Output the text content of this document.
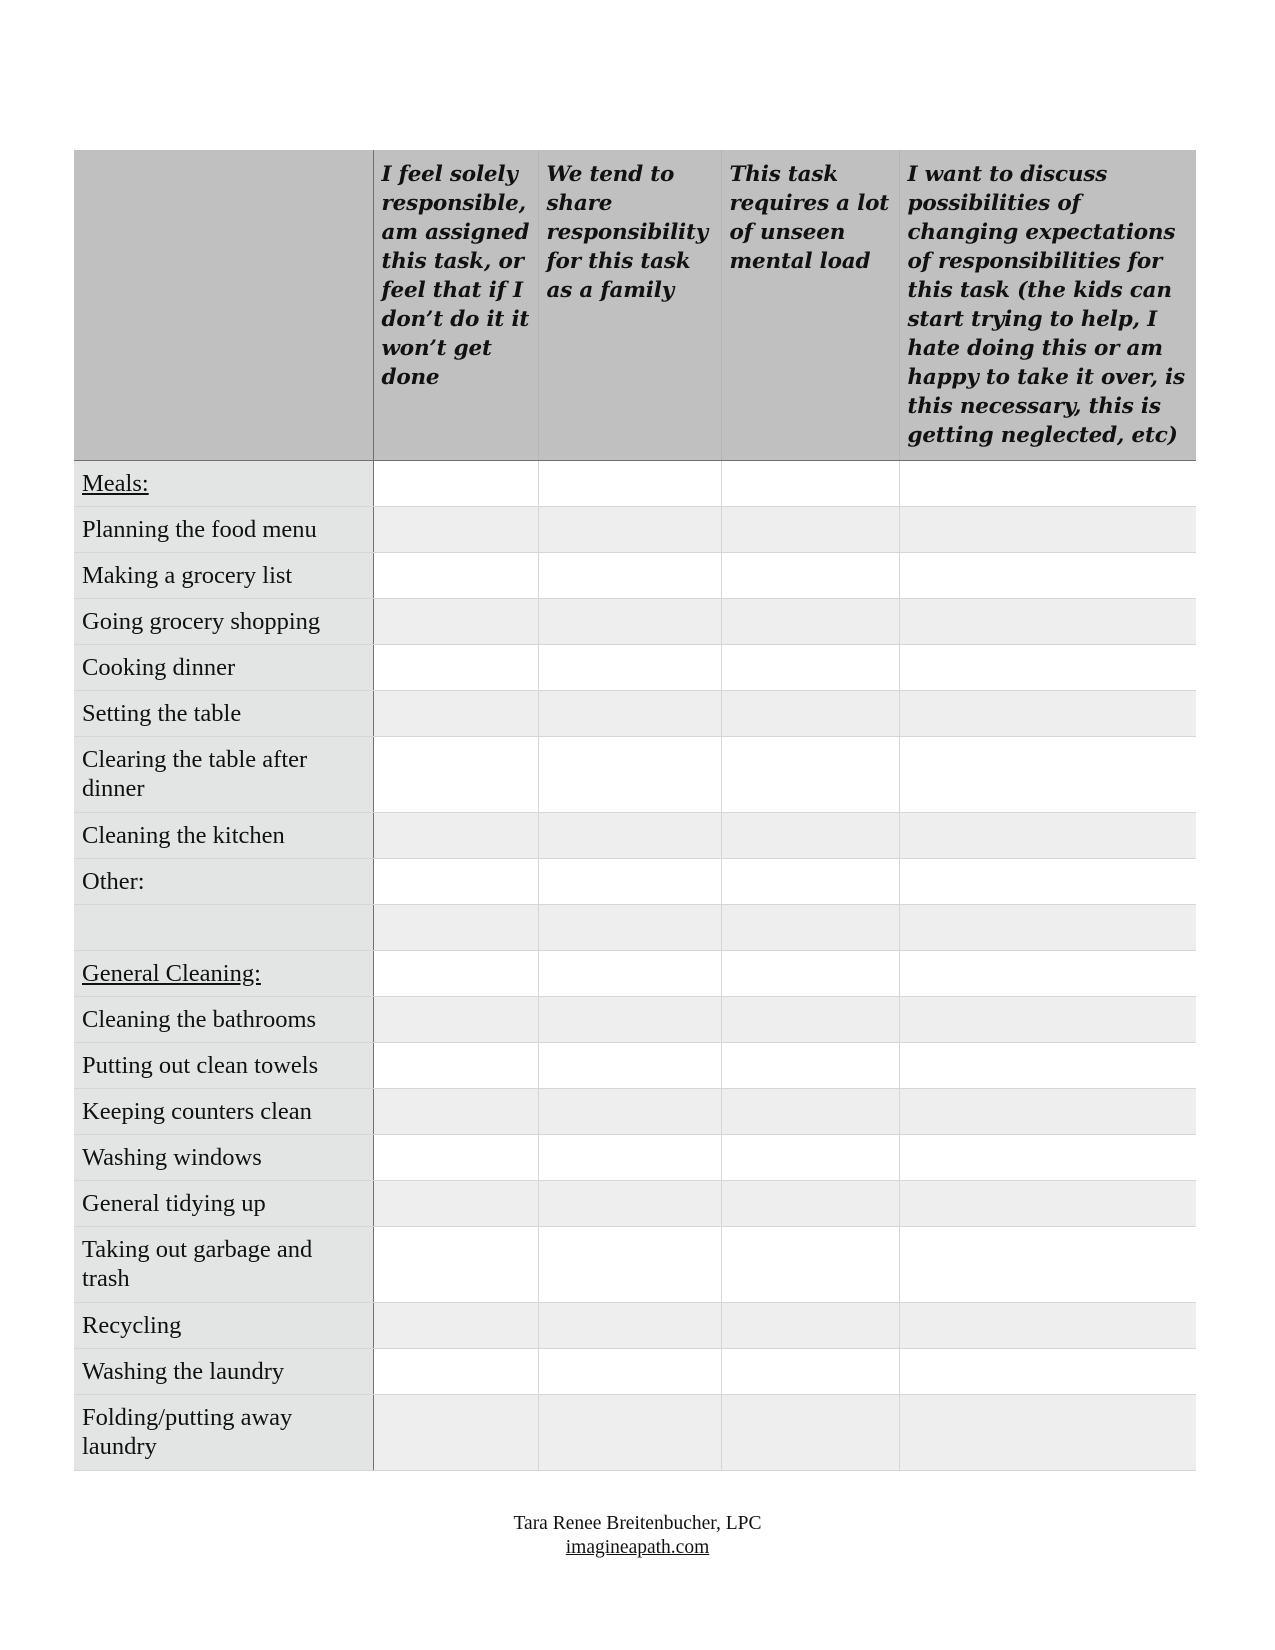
	I feel solely responsible, am assigned this task, or feel that if I don’t do it it won’t get done	We tend to share responsibility for this task as a family	This task requires a lot of unseen mental load	I want to discuss possibilities of changing expectations of responsibilities for this task (the kids can start trying to help, I hate doing this or am happy to take it over, is this necessary, this is getting neglected, etc)
Meals:				
Planning the food menu				
Making a grocery list				
Going grocery shopping				
Cooking dinner				
Setting the table				
Clearing the table after dinner				
Cleaning the kitchen				
Other:				

General Cleaning:				
Cleaning the bathrooms				
Putting out clean towels				
Keeping counters clean				
Washing windows				
General tidying up				
Taking out garbage and trash				
Recycling				
Washing the laundry				
Folding/putting away laundry				
Tara Renee Breitenbucher, LPC
imagineapath.com
